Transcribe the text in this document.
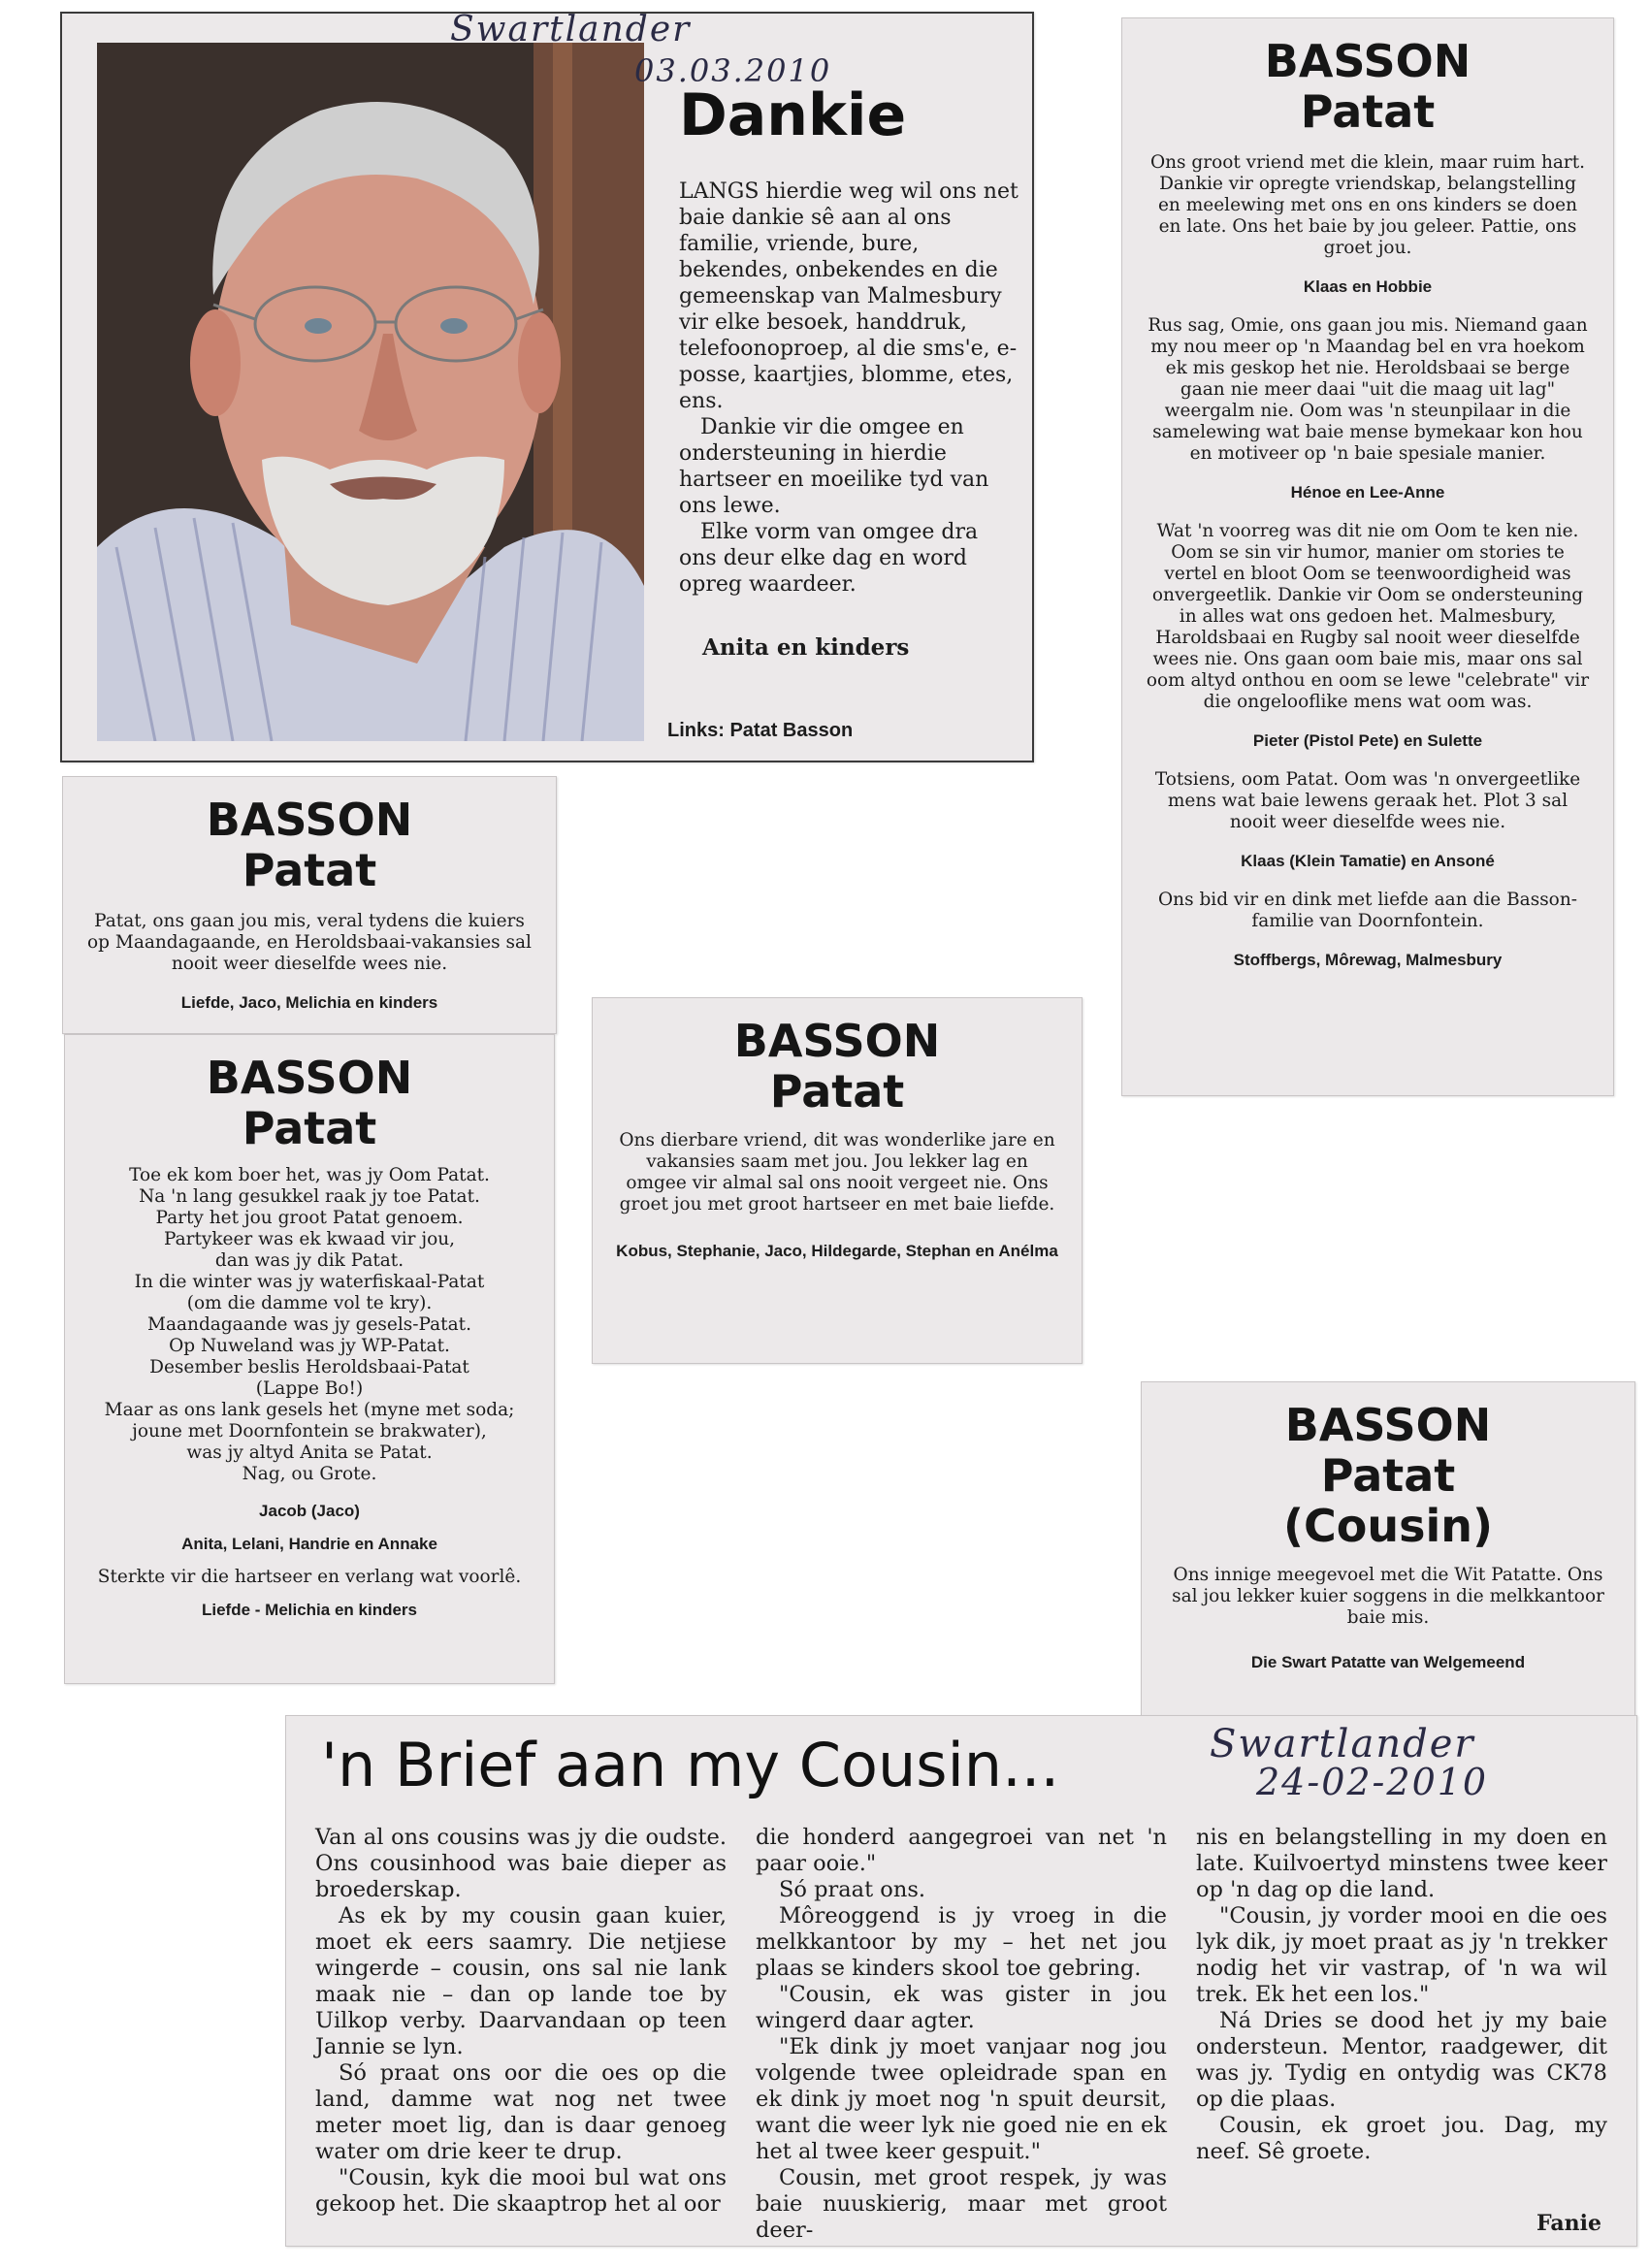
Swartlander
03.03.2010
Dankie

LANGS hierdie weg wil ons net baie dankie sê aan al ons familie, vriende, bure, bekendes, onbekendes en die gemeenskap van Malmesbury vir elke besoek, handdruk, telefoonoproep, al die sms'e, e-posse, kaartjies, blomme, etes, ens.

Dankie vir die omgee en ondersteuning in hierdie hartseer en moeilike tyd van ons lewe.

Elke vorm van omgee dra ons deur elke dag en word opreg waardeer.

Anita en kinders
Links: Patat Basson
BASSON
Patat

Ons groot vriend met die klein, maar ruim hart. Dankie vir opregte vriendskap, belangstelling en meelewing met ons en ons kinders se doen en late. Ons het baie by jou geleer. Pattie, ons groet jou.

Klaas en Hobbie

Rus sag, Omie, ons gaan jou mis. Niemand gaan my nou meer op 'n Maandag bel en vra hoekom ek mis geskop het nie. Heroldsbaai se berge gaan nie meer daai "uit die maag uit lag" weergalm nie. Oom was 'n steunpilaar in die samelewing wat baie mense bymekaar kon hou en motiveer op 'n baie spesiale manier.

Hénoe en Lee-Anne

Wat 'n voorreg was dit nie om Oom te ken nie. Oom se sin vir humor, manier om stories te vertel en bloot Oom se teenwoordigheid was onvergeetlik. Dankie vir Oom se ondersteuning in alles wat ons gedoen het. Malmesbury, Haroldsbaai en Rugby sal nooit weer dieselfde wees nie. Ons gaan oom baie mis, maar ons sal oom altyd onthou en oom se lewe "celebrate" vir die ongelooflike mens wat oom was.

Pieter (Pistol Pete) en Sulette

Totsiens, oom Patat. Oom was 'n onvergeetlike mens wat baie lewens geraak het. Plot 3 sal nooit weer dieselfde wees nie.

Klaas (Klein Tamatie) en Ansoné

Ons bid vir en dink met liefde aan die Basson-familie van Doornfontein.

Stoffbergs, Môrewag, Malmesbury
BASSON
Patat

Patat, ons gaan jou mis, veral tydens die kuiers op Maandagaande, en Heroldsbaai-vakansies sal nooit weer dieselfde wees nie.

Liefde, Jaco, Melichia en kinders
BASSON
Patat

Toe ek kom boer het, was jy Oom Patat.

Na 'n lang gesukkel raak jy toe Patat.

Party het jou groot Patat genoem.

Partykeer was ek kwaad vir jou,

dan was jy dik Patat.

In die winter was jy waterfiskaal-Patat

(om die damme vol te kry).

Maandagaande was jy gesels-Patat.

Op Nuweland was jy WP-Patat.

Desember beslis Heroldsbaai-Patat

(Lappe Bo!)

Maar as ons lank gesels het (myne met soda;

joune met Doornfontein se brakwater),

was jy altyd Anita se Patat.

Nag, ou Grote.

Jacob (Jaco)
Anita, Lelani, Handrie en Annake

Sterkte vir die hartseer en verlang wat voorlê.

Liefde - Melichia en kinders
BASSON
Patat

Ons dierbare vriend, dit was wonderlike jare en vakansies saam met jou. Jou lekker lag en omgee vir almal sal ons nooit vergeet nie. Ons groet jou met groot hartseer en met baie liefde.

Kobus, Stephanie, Jaco, Hildegarde, Stephan en Anélma
BASSON
Patat
(Cousin)

Ons innige meegevoel met die Wit Patatte. Ons sal jou lekker kuier soggens in die melkkantoor baie mis.

Die Swart Patatte van Welgemeend
'n Brief aan my Cousin...	Swartlander
24-02-2010

Van al ons cousins was jy die oudste. Ons cousinhood was baie dieper as broederskap.

As ek by my cousin gaan kuier, moet ek eers saamry. Die netjiese wingerde – cousin, ons sal nie lank maak nie – dan op lande toe by Uilkop verby. Daarvandaan op teen Jannie se lyn.

Só praat ons oor die oes op die land, damme wat nog net twee meter moet lig, dan is daar genoeg water om drie keer te drup.

"Cousin, kyk die mooi bul wat ons gekoop het. Die skaaptrop het al oor

die honderd aangegroei van net 'n paar ooie."

Só praat ons.

Môreoggend is jy vroeg in die melkkantoor by my – het net jou plaas se kinders skool toe gebring.

"Cousin, ek was gister in jou wingerd daar agter.

"Ek dink jy moet vanjaar nog jou volgende twee opleidrade span en ek dink jy moet nog 'n spuit deursit, want die weer lyk nie goed nie en ek het al twee keer gespuit."

Cousin, met groot respek, jy was baie nuuskierig, maar met groot deer-

nis en belangstelling in my doen en late. Kuilvoertyd minstens twee keer op 'n dag op die land.

"Cousin, jy vorder mooi en die oes lyk dik, jy moet praat as jy 'n trekker nodig het vir vastrap, of 'n wa wil trek. Ek het een los."

Ná Dries se dood het jy my baie ondersteun. Mentor, raadgewer, dit was jy. Tydig en ontydig was CK78 op die plaas.

Cousin, ek groet jou. Dag, my neef. Sê groete.

Fanie
